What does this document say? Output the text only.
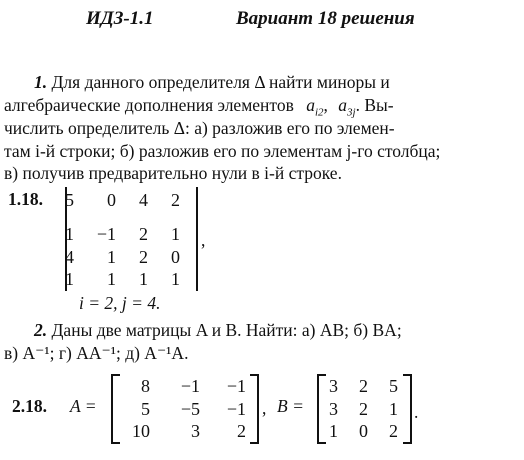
ИДЗ-1.1	Вариант 18 решения
1. Для данного определителя Δ найти миноры и
алгебраические дополнения элементов $a_{i2}$, $a_{3j}$. Вы-
числить определитель Δ: а) разложив его по элемен-
там i-й строки; б) разложив его по элементам j-го столбца;
в) получив предварительно нули в i-й строке.
1.18.	5	0	4	2
1	−1	2	1
4	1	2	0
1	1	1	1
,
i = 2, j = 4.
2. Даны две матрицы A и B. Найти: а) AB; б) BA;
в) A⁻¹; г) AA⁻¹; д) A⁻¹A.
2.18. A =
8	−1	−1
5	−5	−1
10	3	2
, B =
3	2	5
3	2	1
1	0	2
.
